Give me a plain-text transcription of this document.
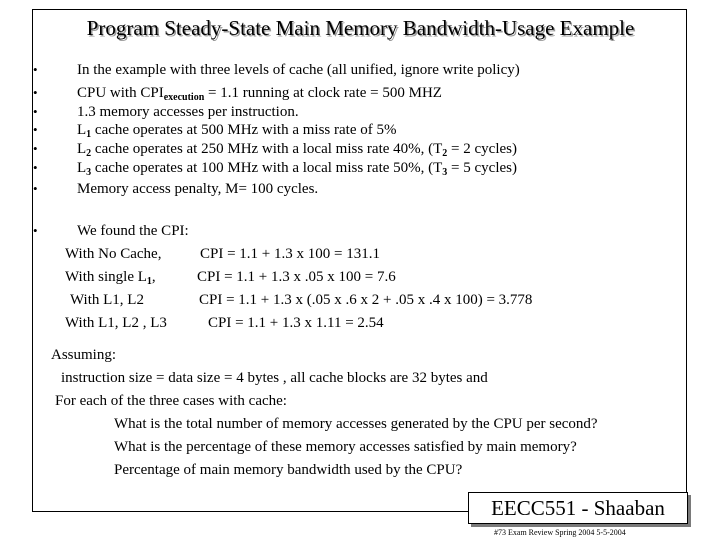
Program Steady-State Main Memory Bandwidth-Usage Example
•	In the example with three levels of cache (all unified, ignore write policy)
•	CPU with $CPI_{execution} = 1.1$ running at clock rate = 500 MHZ
•	1.3 memory accesses per instruction.
•	$L_1$ cache operates at 500 MHz with a miss rate of 5%
•	$L_2$ cache operates at 250 MHz with a local miss rate 40%, ($T_2 = 2$ cycles)
•	$L_3$ cache operates at 100 MHz with a local miss rate 50%, ($T_3 = 5$ cycles)
•	Memory access penalty, M= 100 cycles.
•	We found the CPI:
With No Cache,	CPI = 1.1 + 1.3 x 100 = 131.1
With single $L_1$,	CPI = 1.1 + 1.3 x .05 x 100 = 7.6
With L1, L2	CPI = 1.1 + 1.3 x (.05 x .6 x 2 + .05 x .4 x 100) = 3.778
With L1, L2 , L3	CPI = 1.1 + 1.3 x 1.11 = 2.54
Assuming:
instruction size = data size = 4 bytes , all cache blocks are 32 bytes and
For each of the three cases with cache:
What is the total number of memory accesses generated by the CPU per second?
What is the percentage of these memory accesses satisfied by main memory?
Percentage of main memory bandwidth used by the CPU?
EECC551 - Shaaban
#73 Exam Review Spring 2004 5-5-2004
